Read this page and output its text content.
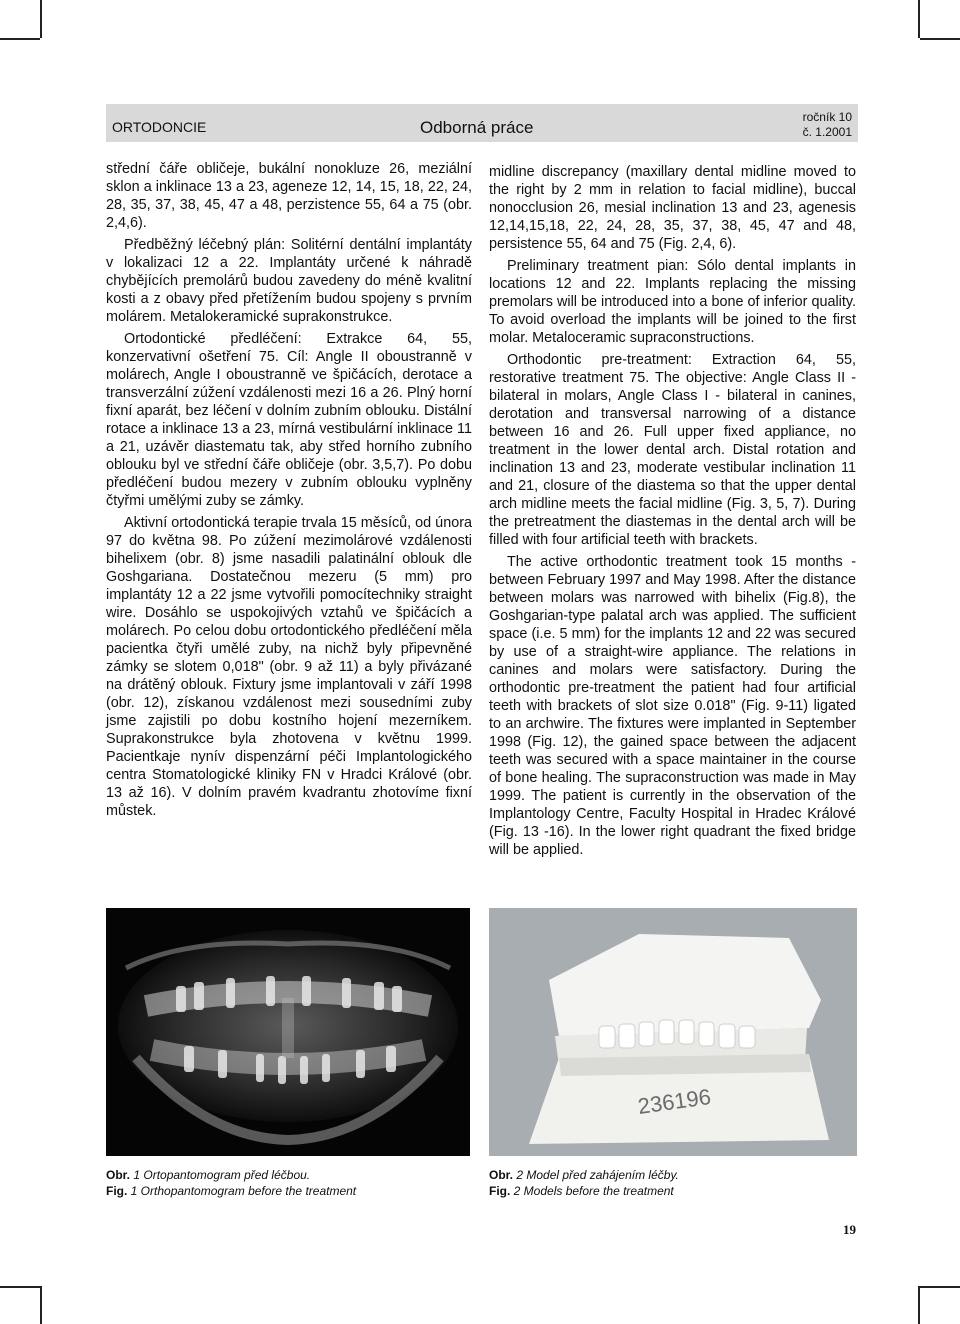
ORTODONCIE	Odborná práce
ročník 10
č. 1.2001

střední čáře obličeje, bukální nonokluze 26, meziální sklon a inklinace 13 a 23, ageneze 12, 14, 15, 18, 22, 24, 28, 35, 37, 38, 45, 47 a 48, perzistence 55, 64 a 75 (obr. 2,4,6).

Předběžný léčebný plán: Solitérní dentální implantáty v lokalizaci 12 a 22. Implantáty určené k náhradě chybějících premolárů budou zavedeny do méně kvalitní kosti a z obavy před přetížením budou spojeny s prvním molárem. Metalokeramické suprakonstrukce.

Ortodontické předléčení: Extrakce 64, 55, konzervativní ošetření 75. Cíl: Angle II oboustranně v molárech, Angle I oboustranně ve špičácích, derotace a transverzální zúžení vzdálenosti mezi 16 a 26. Plný horní fixní aparát, bez léčení v dolním zubním oblouku. Distální rotace a inklinace 13 a 23, mírná vestibulární inklinace 11 a 21, uzávěr diastematu tak, aby střed horního zubního oblouku byl ve střední čáře obličeje (obr. 3,5,7). Po dobu předléčení budou mezery v zubním oblouku vyplněny čtyřmi umělými zuby se zámky.

Aktivní ortodontická terapie trvala 15 měsíců, od února 97 do května 98. Po zúžení mezimolárové vzdálenosti bihelixem (obr. 8) jsme nasadili palatinální oblouk dle Goshgariana. Dostatečnou mezeru (5 mm) pro implantáty 12 a 22 jsme vytvořili pomocítechniky straight wire. Dosáhlo se uspokojivých vztahů ve špičácích a molárech. Po celou dobu ortodontického předléčení měla pacientka čtyři umělé zuby, na nichž byly připevněné zámky se slotem 0,018" (obr. 9 až 11) a byly přivázané na drátěný oblouk. Fixtury jsme implantovali v září 1998 (obr. 12), získanou vzdálenost mezi sousedními zuby jsme zajistili po dobu kostního hojení mezerníkem. Suprakonstrukce byla zhotovena v květnu 1999. Pacientkaje nynív dispenzární péči Implantologického centra Stomatologické kliniky FN v Hradci Králové (obr. 13 až 16). V dolním pravém kvadrantu zhotovíme fixní můstek.

midline discrepancy (maxillary dental midline moved to the right by 2 mm in relation to facial midline), buccal nonocclusion 26, mesial inclination 13 and 23, agenesis 12,14,15,18, 22, 24, 28, 35, 37, 38, 45, 47 and 48, persistence 55, 64 and 75 (Fig. 2,4, 6).

Preliminary treatment pian: Sólo dental implants in locations 12 and 22. Implants replacing the missing premolars will be introduced into a bone of inferior quality. To avoid overload the implants will be joined to the first molar. Metaloceramic supraconstructions.

Orthodontic pre-treatment: Extraction 64, 55, restorative treatment 75. The objective: Angle Class II - bilateral in molars, Angle Class I - bilateral in canines, derotation and transversal narrowing of a distance between 16 and 26. Full upper fixed appliance, no treatment in the lower dental arch. Distal rotation and inclination 13 and 23, moderate vestibular inclination 11 and 21, closure of the diastema so that the upper dental arch midline meets the facial midline (Fig. 3, 5, 7). During the pretreatment the diastemas in the dental arch will be filled with four artificial teeth with brackets.

The active orthodontic treatment took 15 months - between February 1997 and May 1998. After the distance between molars was narrowed with bihelix (Fig.8), the Goshgarian-type palatal arch was applied. The sufficient space (i.e. 5 mm) for the implants 12 and 22 was secured by use of a straight-wire appliance. The relations in canines and molars were satisfactory. During the orthodontic pre-treatment the patient had four artificial teeth with brackets of slot size 0.018" (Fig. 9-11) ligated to an archwire. The fixtures were implanted in September 1998 (Fig. 12), the gained space between the adjacent teeth was secured with a space maintainer in the course of bone healing. The supraconstruction was made in May 1999. The patient is currently in the observation of the Implantology Centre, Faculty Hospital in Hradec Králové (Fig. 13 -16). In the lower right quadrant the fixed bridge will be applied.

236196
Obr. 1 Ortopantomogram před léčbou.
Fig. 1 Orthopantomogram before the treatment
Obr. 2 Model před zahájením léčby.
Fig. 2 Models before the treatment
19
